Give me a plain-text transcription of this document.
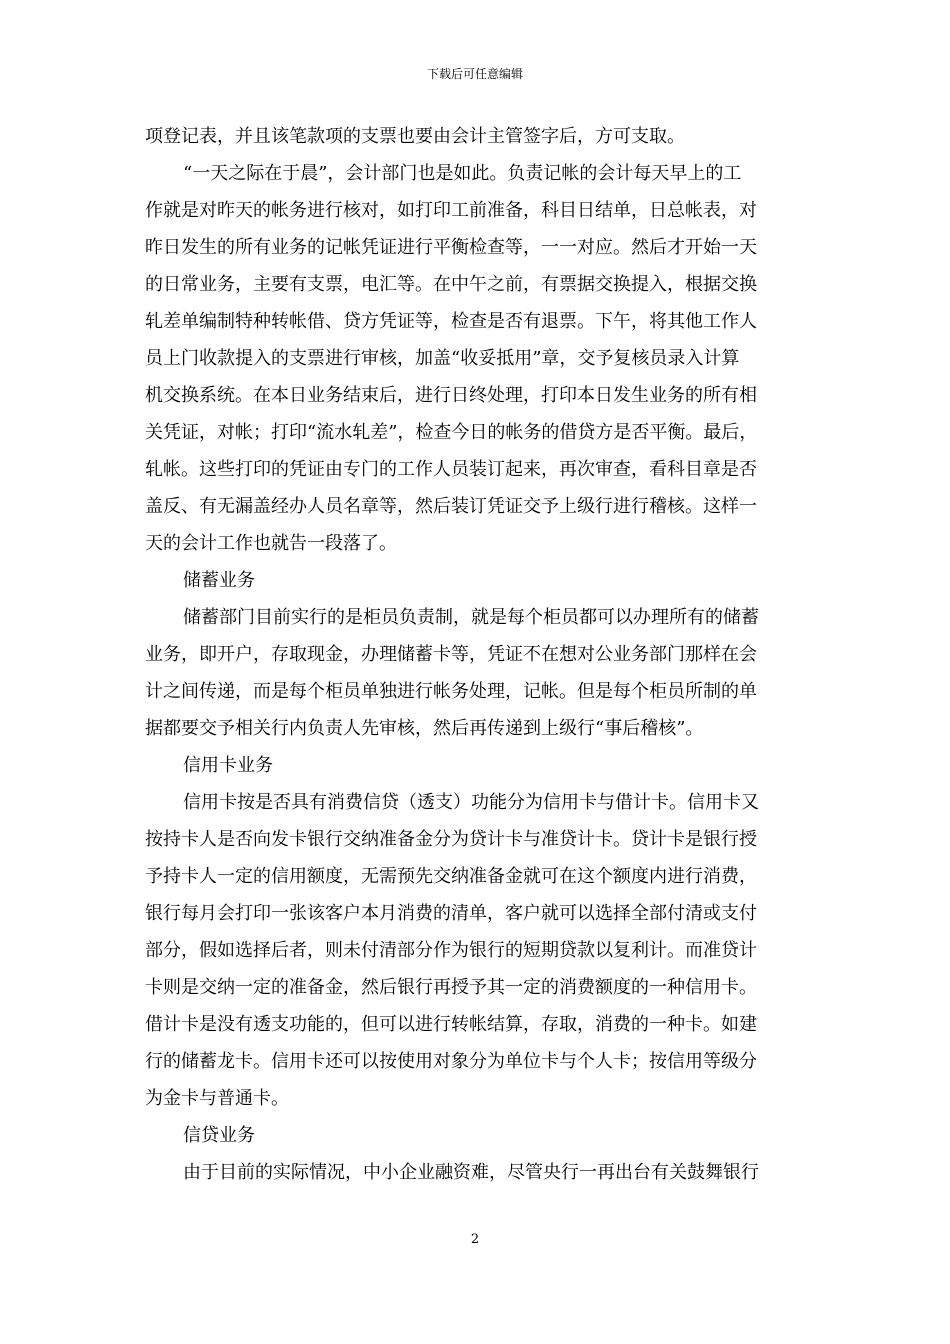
下载后可任意编辑
项登记表，并且该笔款项的支票也要由会计主管签字后，方可支取。
“一天之际在于晨”，会计部门也是如此。负责记帐的会计每天早上的工
作就是对昨天的帐务进行核对，如打印工前准备，科目日结单，日总帐表，对
昨日发生的所有业务的记帐凭证进行平衡检查等，一一对应。然后才开始一天
的日常业务，主要有支票，电汇等。在中午之前，有票据交换提入，根据交换
轧差单编制特种转帐借、贷方凭证等，检查是否有退票。下午，将其他工作人
员上门收款提入的支票进行审核，加盖“收妥抵用”章，交予复核员录入计算
机交换系统。在本日业务结束后，进行日终处理，打印本日发生业务的所有相
关凭证，对帐；打印“流水轧差”，检查今日的帐务的借贷方是否平衡。最后，
轧帐。这些打印的凭证由专门的工作人员装订起来，再次审查，看科目章是否
盖反、有无漏盖经办人员名章等，然后装订凭证交予上级行进行稽核。这样一
天的会计工作也就告一段落了。
储蓄业务
储蓄部门目前实行的是柜员负责制，就是每个柜员都可以办理所有的储蓄
业务，即开户，存取现金，办理储蓄卡等，凭证不在想对公业务部门那样在会
计之间传递，而是每个柜员单独进行帐务处理，记帐。但是每个柜员所制的单
据都要交予相关行内负责人先审核，然后再传递到上级行“事后稽核”。
信用卡业务
信用卡按是否具有消费信贷（透支）功能分为信用卡与借计卡。信用卡又
按持卡人是否向发卡银行交纳准备金分为贷计卡与准贷计卡。贷计卡是银行授
予持卡人一定的信用额度，无需预先交纳准备金就可在这个额度内进行消费，
银行每月会打印一张该客户本月消费的清单，客户就可以选择全部付清或支付
部分，假如选择后者，则未付清部分作为银行的短期贷款以复利计。而准贷计
卡则是交纳一定的准备金，然后银行再授予其一定的消费额度的一种信用卡。
借计卡是没有透支功能的，但可以进行转帐结算，存取，消费的一种卡。如建
行的储蓄龙卡。信用卡还可以按使用对象分为单位卡与个人卡；按信用等级分
为金卡与普通卡。
信贷业务
由于目前的实际情况，中小企业融资难，尽管央行一再出台有关鼓舞银行
2
